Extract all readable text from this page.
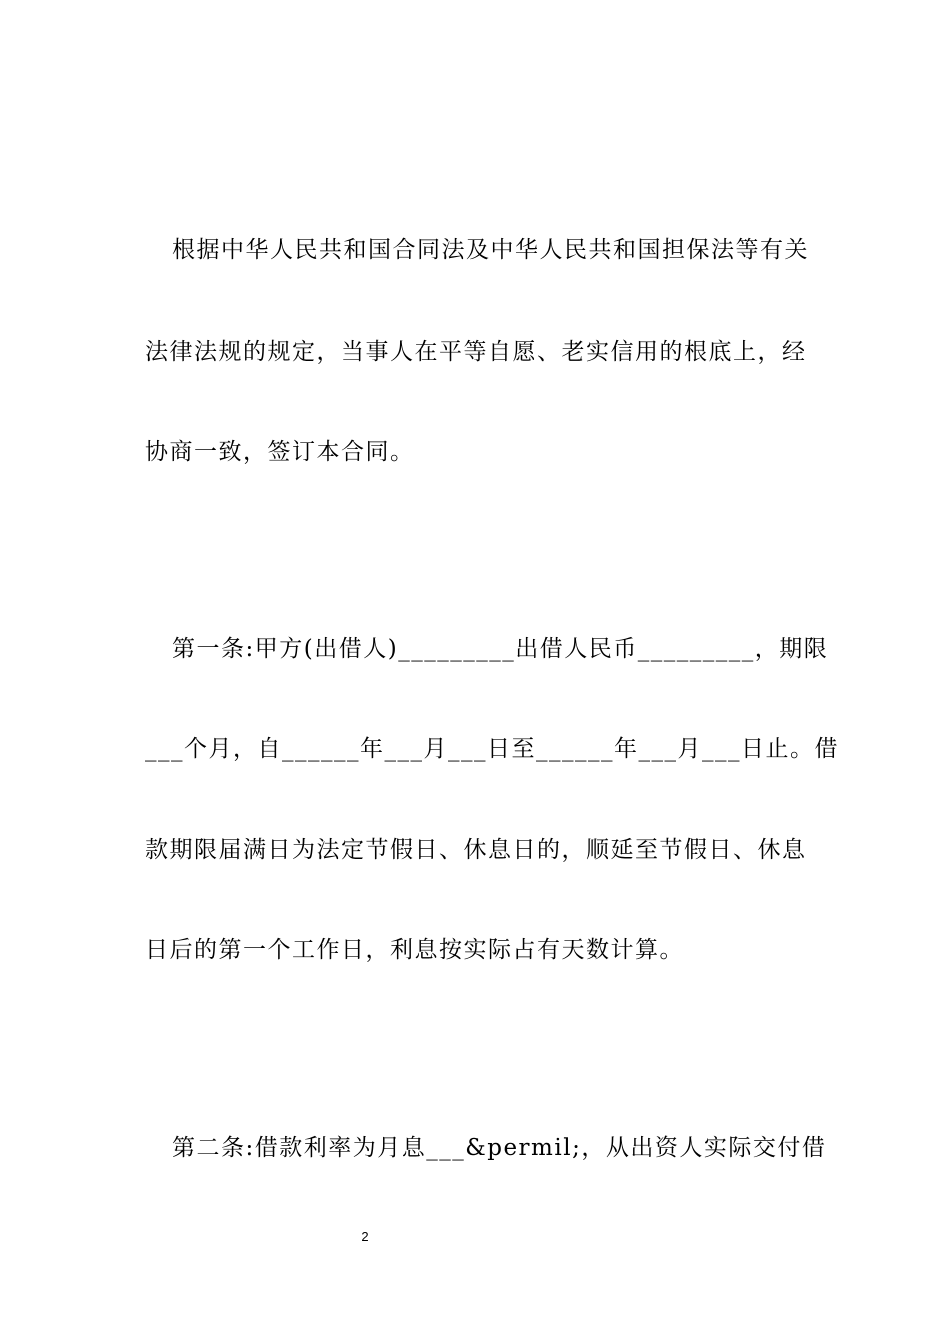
根据中华人民共和国合同法及中华人民共和国担保法等有关
法律法规的规定，当事人在平等自愿、老实信用的根底上，经
协商一致，签订本合同。
第一条:甲方(出借人)_________出借人民币_________，期限
___个月，自______年___月___日至______年___月___日止。借
款期限届满日为法定节假日、休息日的，顺延至节假日、休息
日后的第一个工作日，利息按实际占有天数计算。
第二条:借款利率为月息___&permil;，从出资人实际交付借
2
